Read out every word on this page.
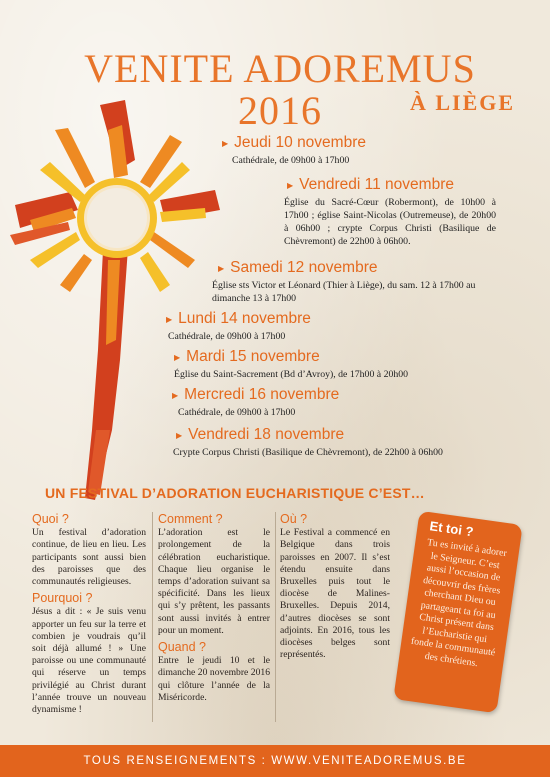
VENITE ADOREMUS 2016	À LIÈGE
▶ Jeudi 10 novembre
Cathédrale, de 09h00 à 17h00
▶ Vendredi 11 novembre
Église du Sacré-Cœur (Robermont), de 10h00 à 17h00 ; église Saint-Nicolas (Outremeuse), de 20h00 à 06h00 ; crypte Corpus Christi (Basilique de Chèvremont) de 22h00 à 06h00.
▶ Samedi 12 novembre
Église sts Victor et Léonard (Thier à Liège), du sam. 12 à 17h00 au dimanche 13 à 17h00
▶ Lundi 14 novembre
Cathédrale, de 09h00 à 17h00
▶ Mardi 15 novembre
Église du Saint-Sacrement (Bd d’Avroy), de 17h00 à 20h00
▶ Mercredi 16 novembre
Cathédrale, de 09h00 à 17h00
▶ Vendredi 18 novembre
Crypte Corpus Christi (Basilique de Chèvremont), de 22h00 à 06h00
UN FESTIVAL D’ADORATION EUCHARISTIQUE C’EST…
Quoi ?

Un festival d’adoration continue, de lieu en lieu. Les participants sont aussi bien des paroisses que des communautés religieuses.

Pourquoi ?

Jésus a dit : « Je suis venu apporter un feu sur la terre et combien je voudrais qu’il soit déjà allumé ! » Une paroisse ou une communauté qui réserve un temps privilégié au Christ durant l’année trouve un nouveau dynamisme !

Comment ?

L’adoration est le prolongement de la célébration eucharistique. Chaque lieu organise le temps d’adoration suivant sa spécificité. Dans les lieux qui s’y prêtent, les passants sont aussi invités à entrer pour un moment.

Quand ?

Entre le jeudi 10 et le dimanche 20 novembre 2016 qui clôture l’année de la Miséricorde.

Où ?

Le Festival a commencé en Belgique dans trois paroisses en 2007. Il s’est étendu ensuite dans Bruxelles puis tout le diocèse de Malines-Bruxelles. Depuis 2014, d’autres diocèses se sont adjoints. En 2016, tous les diocèses belges sont représentés.

Et toi ?

Tu es invité à adorer le Seigneur. C’est aussi l’occasion de découvrir des frères cherchant Dieu ou partageant ta foi au Christ présent dans l’Eucharistie qui fonde la communauté des chrétiens.

TOUS RENSEIGNEMENTS : WWW.VENITEADOREMUS.BE
